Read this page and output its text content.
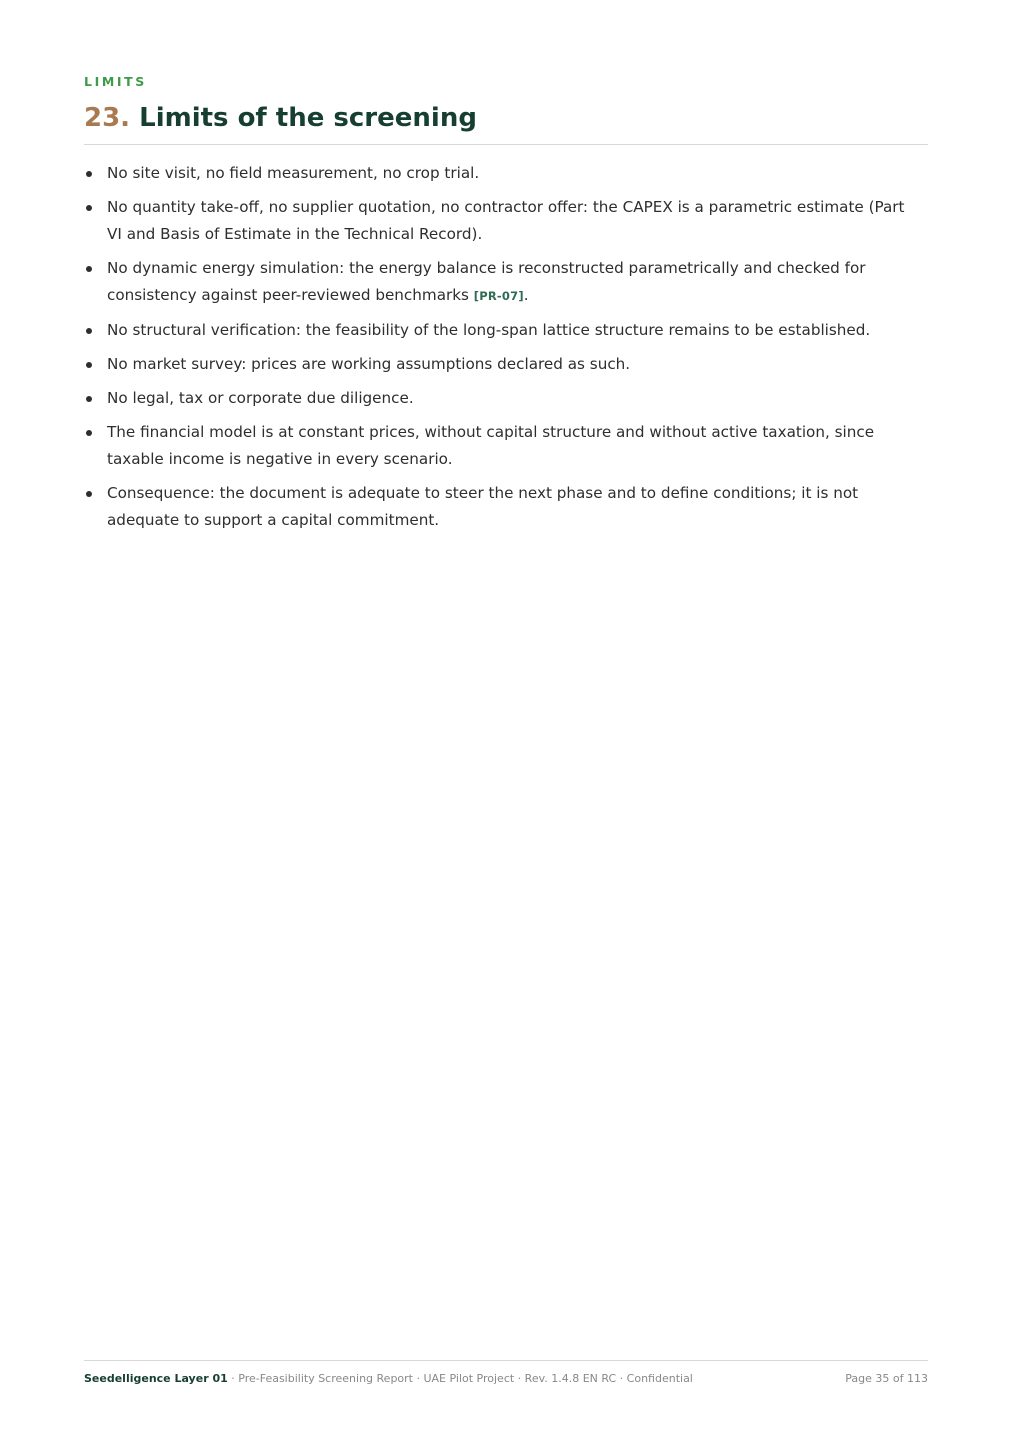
LIMITS
23. Limits of the screening
No site visit, no field measurement, no crop trial.
No quantity take-off, no supplier quotation, no contractor offer: the CAPEX is a parametric estimate (Part VI and Basis of Estimate in the Technical Record).
No dynamic energy simulation: the energy balance is reconstructed parametrically and checked for consistency against peer-reviewed benchmarks [PR-07].
No structural verification: the feasibility of the long-span lattice structure remains to be established.
No market survey: prices are working assumptions declared as such.
No legal, tax or corporate due diligence.
The financial model is at constant prices, without capital structure and without active taxation, since taxable income is negative in every scenario.
Consequence: the document is adequate to steer the next phase and to define conditions; it is not adequate to support a capital commitment.
Seedelligence Layer 01 · Pre-Feasibility Screening Report · UAE Pilot Project · Rev. 1.4.8 EN RC · Confidential	Page 35 of 113
